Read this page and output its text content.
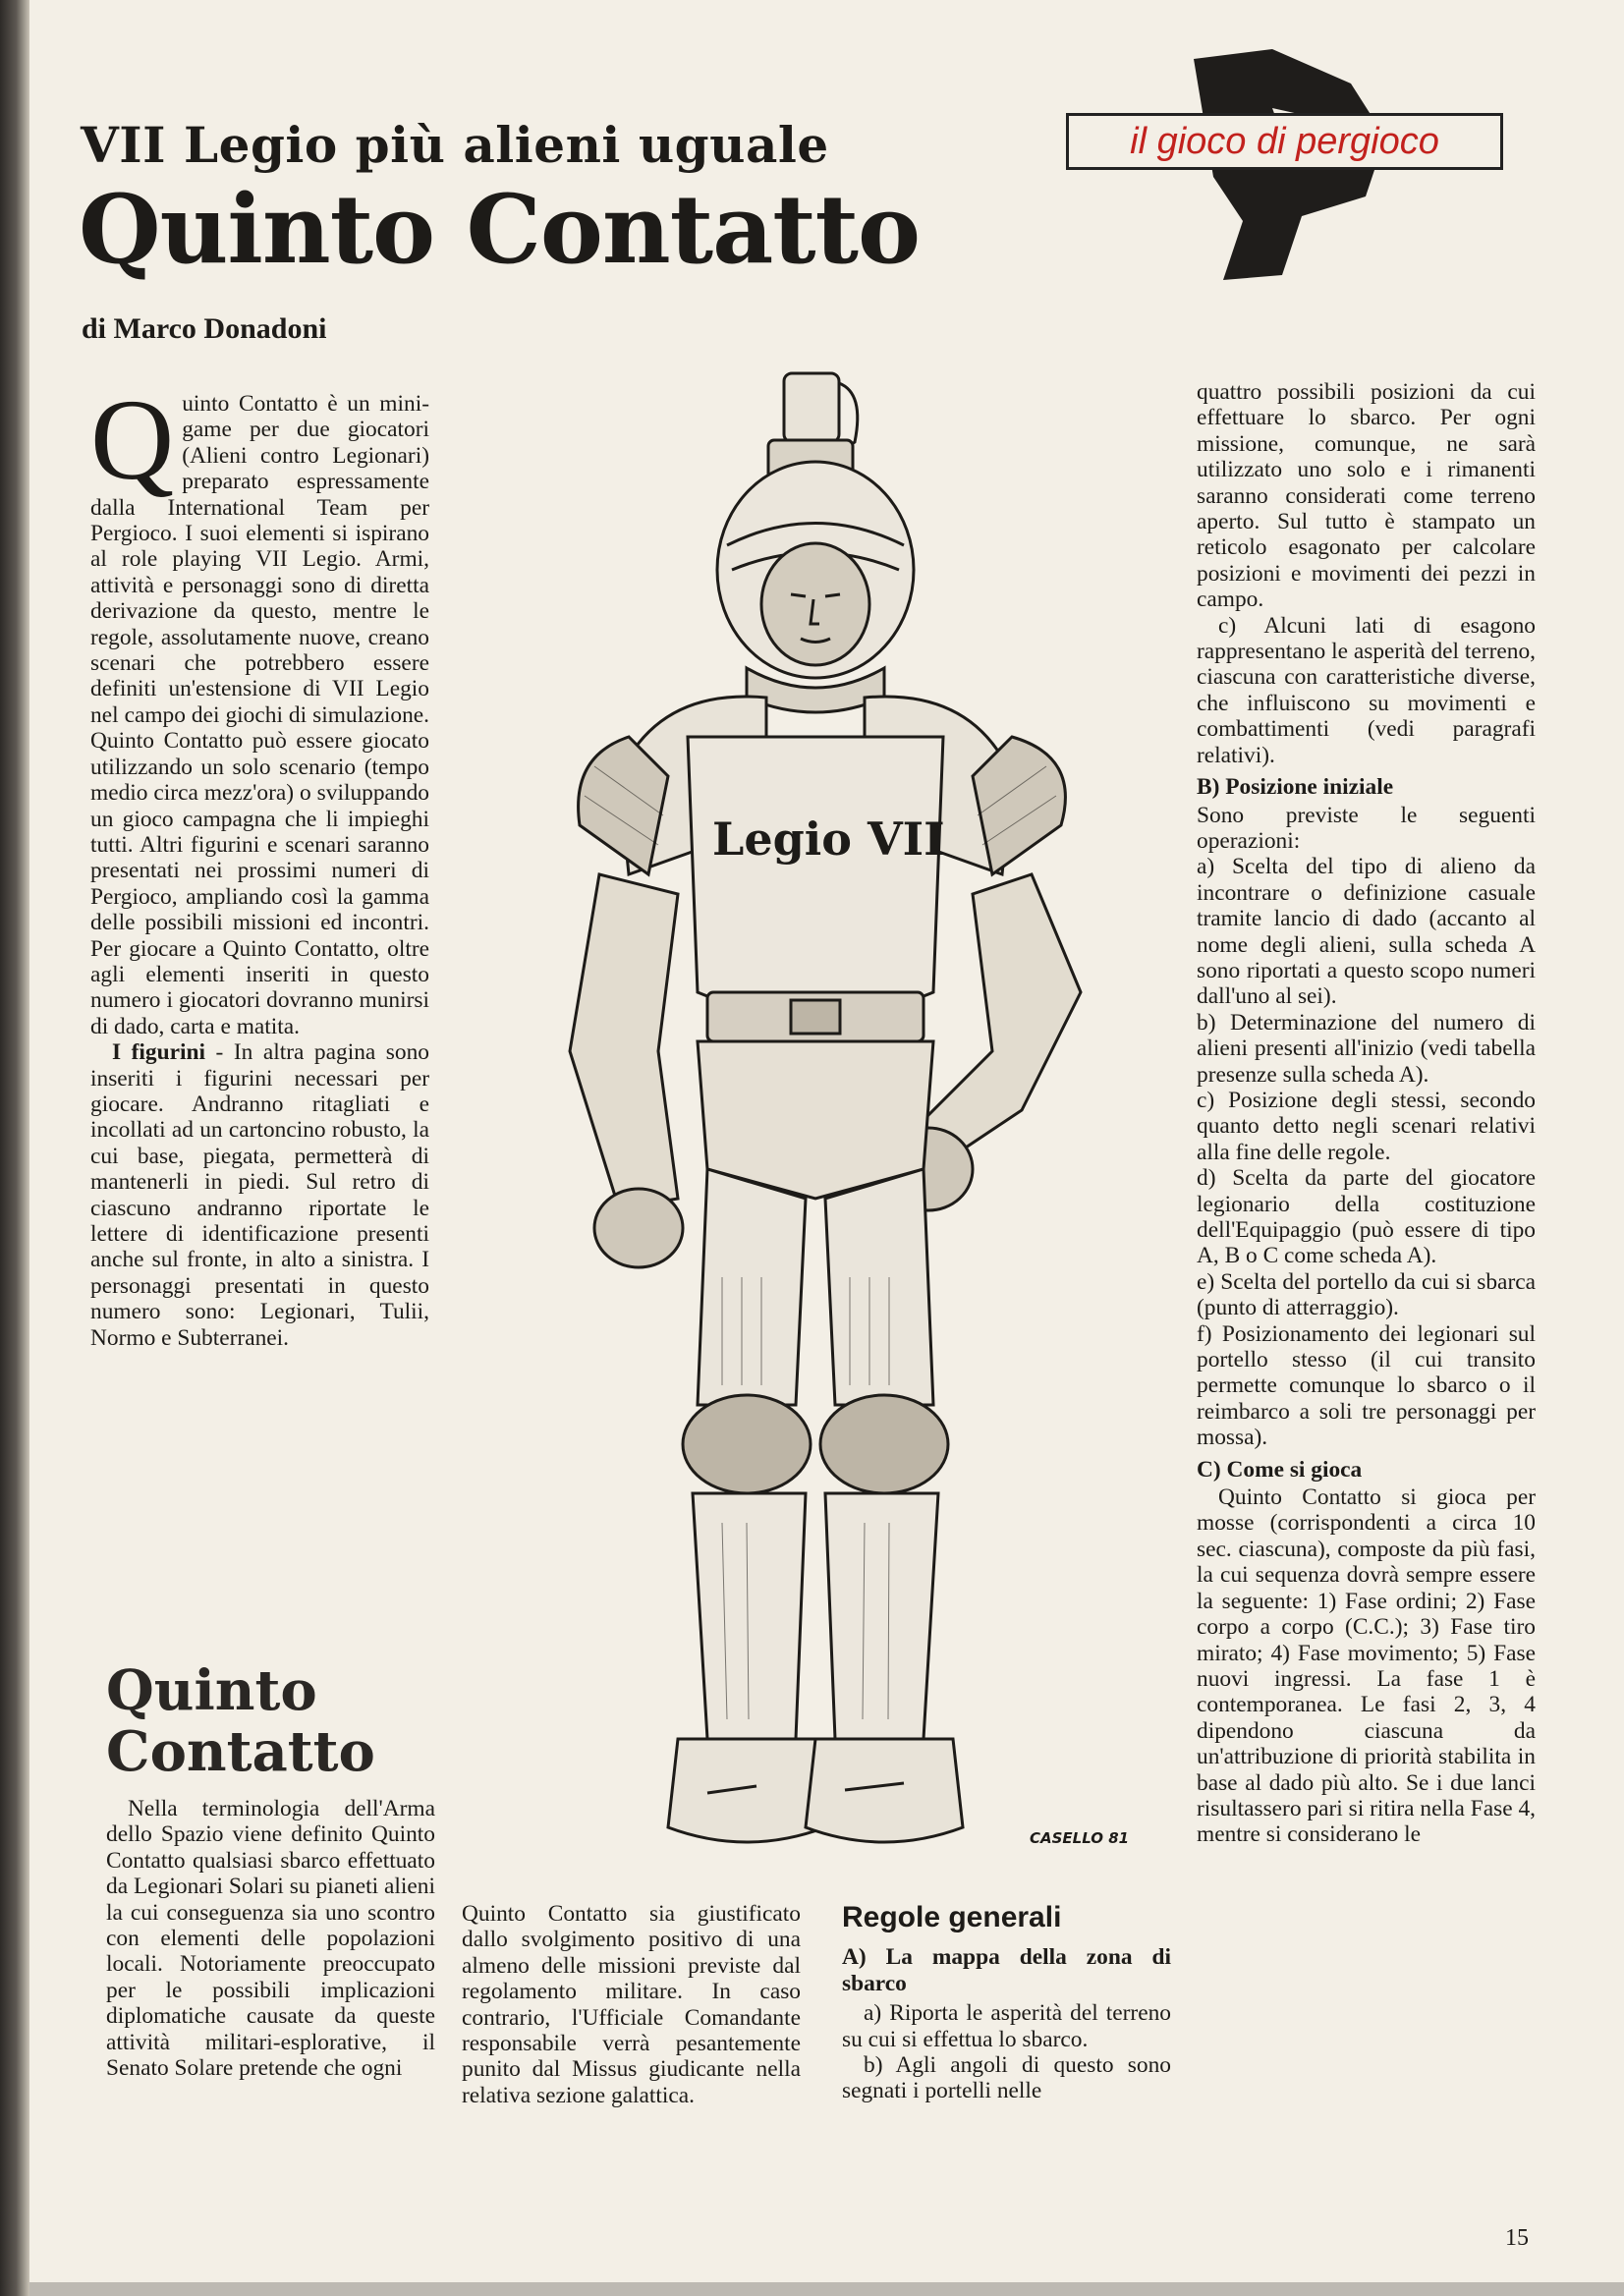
VII Legio più alieni uguale
Quinto Contatto
di Marco Donadoni
il gioco di pergioco

Quinto Contatto è un mini-game per due giocatori (Alieni contro Legionari) preparato espressamente dalla International Team per Pergioco. I suoi elementi si ispirano al role playing VII Legio. Armi, attività e personaggi sono di diretta derivazione da questo, mentre le regole, assolutamente nuove, creano scenari che potrebbero essere definiti un'estensione di VII Legio nel campo dei giochi di simulazione. Quinto Contatto può essere giocato utilizzando un solo scenario (tempo medio circa mezz'ora) o sviluppando un gioco campagna che li impieghi tutti. Altri figurini e scenari saranno presentati nei prossimi numeri di Pergioco, ampliando così la gamma delle possibili missioni ed incontri. Per giocare a Quinto Contatto, oltre agli elementi inseriti in questo numero i giocatori dovranno munirsi di dado, carta e matita.

I figurini - In altra pagina sono inseriti i figurini necessari per giocare. Andranno ritagliati e incollati ad un cartoncino robusto, la cui base, piegata, permetterà di mantenerli in piedi. Sul retro di ciascuno andranno riportate le lettere di identificazione presenti anche sul fronte, in alto a sinistra. I personaggi presentati in questo numero sono: Legionari, Tulii, Normo e Subterranei.

Quinto
Contatto

Nella terminologia dell'Arma dello Spazio viene definito Quinto Contatto qualsiasi sbarco effettuato da Legionari Solari su pianeti alieni la cui conseguenza sia uno scontro con elementi delle popolazioni locali. Notoriamente preoccupato per le possibili implicazioni diplomatiche causate da queste attività militari-esplorative, il Senato Solare pretende che ogni

Quinto Contatto sia giustificato dallo svolgimento positivo di una almeno delle missioni previste dal regolamento militare. In caso contrario, l'Ufficiale Comandante responsabile verrà pesantemente punito dal Missus giudicante nella relativa sezione galattica.

Regole generali
A) La mappa della zona di sbarco

a) Riporta le asperità del terreno su cui si effettua lo sbarco.

b) Agli angoli di questo sono segnati i portelli nelle

quattro possibili posizioni da cui effettuare lo sbarco. Per ogni missione, comunque, ne sarà utilizzato uno solo e i rimanenti saranno considerati come terreno aperto. Sul tutto è stampato un reticolo esagonato per calcolare posizioni e movimenti dei pezzi in campo.

c) Alcuni lati di esagono rappresentano le asperità del terreno, ciascuna con caratteristiche diverse, che influiscono su movimenti e combattimenti (vedi paragrafi relativi).

B) Posizione iniziale

Sono previste le seguenti operazioni:

a) Scelta del tipo di alieno da incontrare o definizione casuale tramite lancio di dado (accanto al nome degli alieni, sulla scheda A sono riportati a questo scopo numeri dall'uno al sei).

b) Determinazione del numero di alieni presenti all'inizio (vedi tabella presenze sulla scheda A).

c) Posizione degli stessi, secondo quanto detto negli scenari relativi alla fine delle regole.

d) Scelta da parte del giocatore legionario della costituzione dell'Equipaggio (può essere di tipo A, B o C come scheda A).

e) Scelta del portello da cui si sbarca (punto di atterraggio).

f) Posizionamento dei legionari sul portello stesso (il cui transito permette comunque lo sbarco o il reimbarco a soli tre personaggi per mossa).

C) Come si gioca

Quinto Contatto si gioca per mosse (corrispondenti a circa 10 sec. ciascuna), composte da più fasi, la cui sequenza dovrà sempre essere la seguente: 1) Fase ordini; 2) Fase corpo a corpo (C.C.); 3) Fase tiro mirato; 4) Fase movimento; 5) Fase nuovi ingressi. La fase 1 è contemporanea. Le fasi 2, 3, 4 dipendono ciascuna da un'attribuzione di priorità stabilita in base al dado più alto. Se i due lanci risultassero pari si ritira nella Fase 4, mentre si considerano le

Legio VII
CASELLO 81
15
